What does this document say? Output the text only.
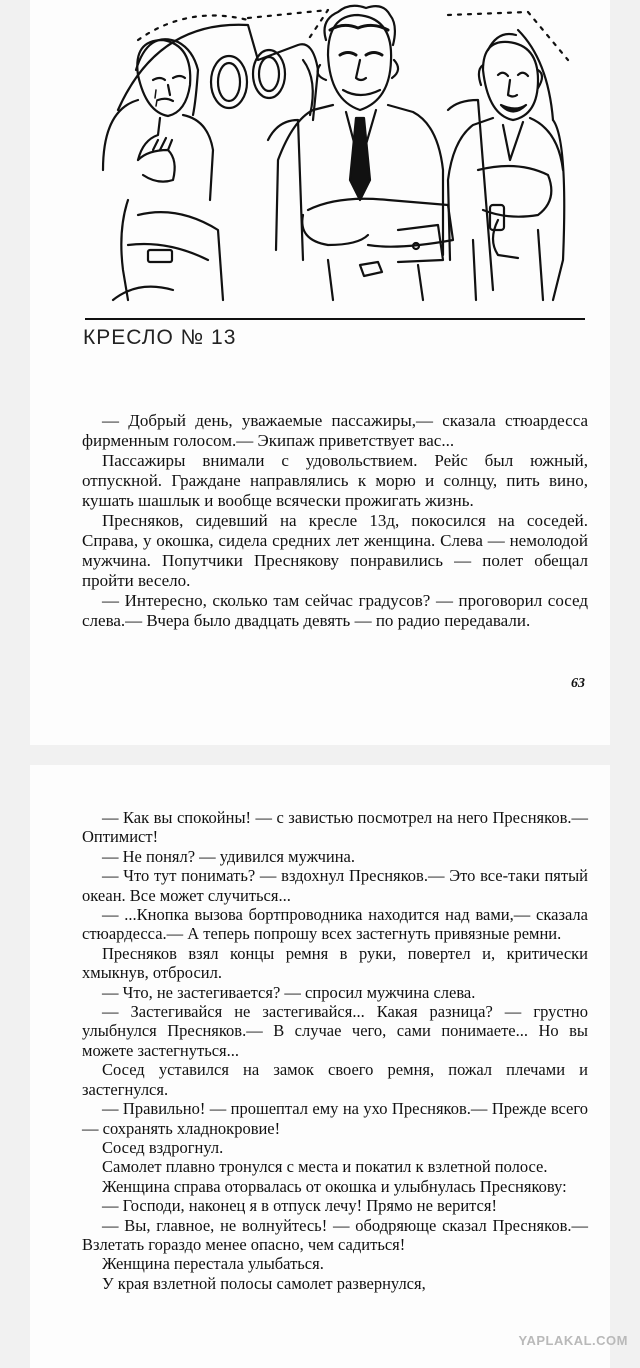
КРЕСЛО № 13

— Добрый день, уважаемые пассажиры,— сказала стюардесса фирменным голосом.— Экипаж приветствует вас...

Пассажиры внимали с удовольствием. Рейс был южный, отпускной. Граждане направлялись к морю и солнцу, пить вино, кушать шашлык и вообще всячески прожигать жизнь.

Пресняков, сидевший на кресле 13д, покосился на соседей. Справа, у окошка, сидела средних лет женщина. Слева — немолодой мужчина. Попутчики Преснякову понравились — полет обещал пройти весело.

— Интересно, сколько там сейчас градусов? — проговорил сосед слева.— Вчера было двадцать девять — по радио передавали.

63

— Как вы спокойны! — с завистью посмотрел на него Пресняков.— Оптимист!

— Не понял? — удивился мужчина.

— Что тут понимать? — вздохнул Пресняков.— Это все-таки пятый океан. Все может случиться...

— ...Кнопка вызова бортпроводника находится над вами,— сказала стюардесса.— А теперь попрошу всех застегнуть привязные ремни.

Пресняков взял концы ремня в руки, повертел и, критически хмыкнув, отбросил.

— Что, не застегивается? — спросил мужчина слева.

— Застегивайся не застегивайся... Какая разница? — грустно улыбнулся Пресняков.— В случае чего, сами понимаете... Но вы можете застегнуться...

Сосед уставился на замок своего ремня, пожал плечами и застегнулся.

— Правильно! — прошептал ему на ухо Пресняков.— Прежде всего — сохранять хладнокровие!

Сосед вздрогнул.

Самолет плавно тронулся с места и покатил к взлетной полосе.

Женщина справа оторвалась от окошка и улыбнулась Преснякову:

— Господи, наконец я в отпуск лечу! Прямо не верится!

— Вы, главное, не волнуйтесь! — ободряюще сказал Пресняков.— Взлетать гораздо менее опасно, чем садиться!

Женщина перестала улыбаться.

У края взлетной полосы самолет развернулся,

YAPLAKAL.COM
